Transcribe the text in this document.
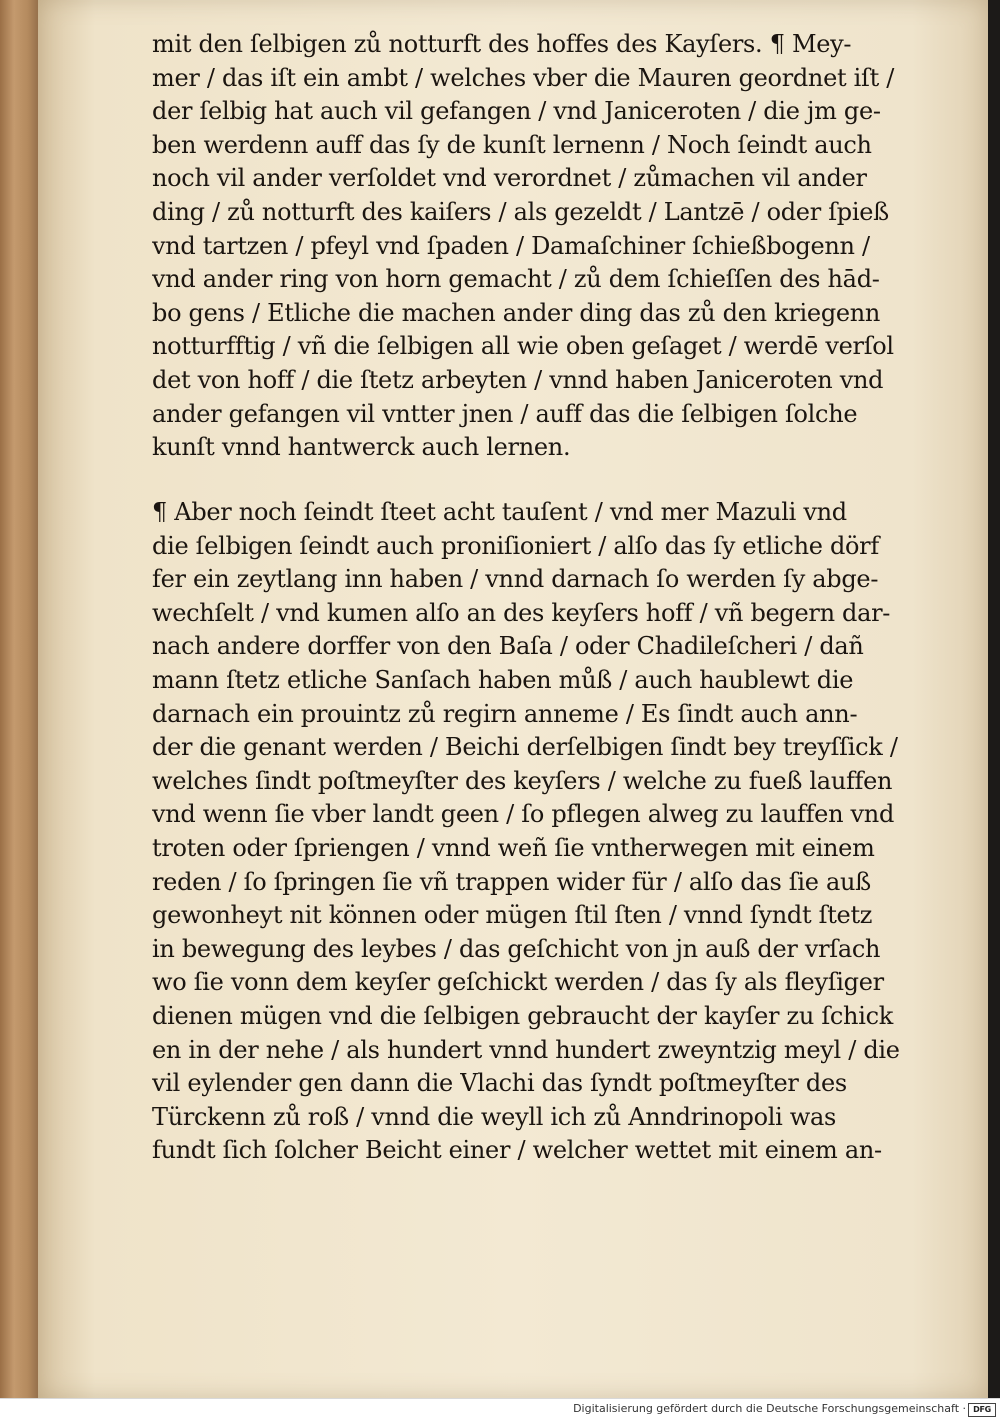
mit den ſelbigen zů notturft des hoffes des Kayſers. ¶ Mey‑
mer / das iſt ein ambt / welches vber die Mauren geordnet iſt /
der ſelbig hat auch vil gefangen / vnd Janiceroten / die jm ge‑
ben werdenn auff das ſy de kunſt lernenn / Noch ſeindt auch
noch vil ander verſoldet vnd verordnet / zůmachen vil ander
ding / zů notturft des kaiſers / als gezeldt / Lantzē / oder ſpieß
vnd tartzen / pfeyl vnd ſpaden / Damaſchiner ſchießbogenn /
vnd ander ring von horn gemacht / zů dem ſchieſſen des hād‑
bo gens / Etliche die machen ander ding das zů den kriegenn
notturfftig / vñ die ſelbigen all wie oben geſaget / werdē verſol
det von hoff / die ſtetz arbeyten / vnnd haben Janiceroten vnd
ander gefangen vil vntter jnen / auff das die ſelbigen ſolche
kunſt vnnd hantwerck auch lernen.
¶ Aber noch ſeindt ſteet acht tauſent / vnd mer Mazuli vnd
die ſelbigen ſeindt auch proniſioniert / alſo das ſy etliche dörf
fer ein zeytlang inn haben / vnnd darnach ſo werden ſy abge‑
wechſelt / vnd kumen alſo an des keyſers hoff / vñ begern dar‑
nach andere dorffer von den Baſa / oder Chadileſcheri / dañ
mann ſtetz etliche Sanſach haben můß / auch haublewt die
darnach ein prouintz zů regirn anneme / Es ſindt auch ann‑
der die genant werden / Beichi derſelbigen ſindt bey treyſſick /
welches ſindt poſtmeyſter des keyſers / welche zu fueß lauffen
vnd wenn ſie vber landt geen / ſo pflegen alweg zu lauffen vnd
troten oder ſpriengen / vnnd weñ ſie vntherwegen mit einem
reden / ſo ſpringen ſie vñ trappen wider für / alſo das ſie auß
gewonheyt nit können oder mügen ſtil ſten / vnnd ſyndt ſtetz
in bewegung des leybes / das geſchicht von jn auß der vrſach
wo ſie vonn dem keyſer geſchickt werden / das ſy als fleyſiger
dienen mügen vnd die ſelbigen gebraucht der kayſer zu ſchick
en in der nehe / als hundert vnnd hundert zweyntzig meyl / die
vil eylender gen dann die Vlachi das ſyndt poſtmeyſter des
Türckenn zů roß / vnnd die weyll ich zů Anndrinopoli was
fundt ſich ſolcher Beicht einer / welcher wettet mit einem an‑
Digitalisierung gefördert durch die Deutsche Forschungsgemeinschaft · DFG
